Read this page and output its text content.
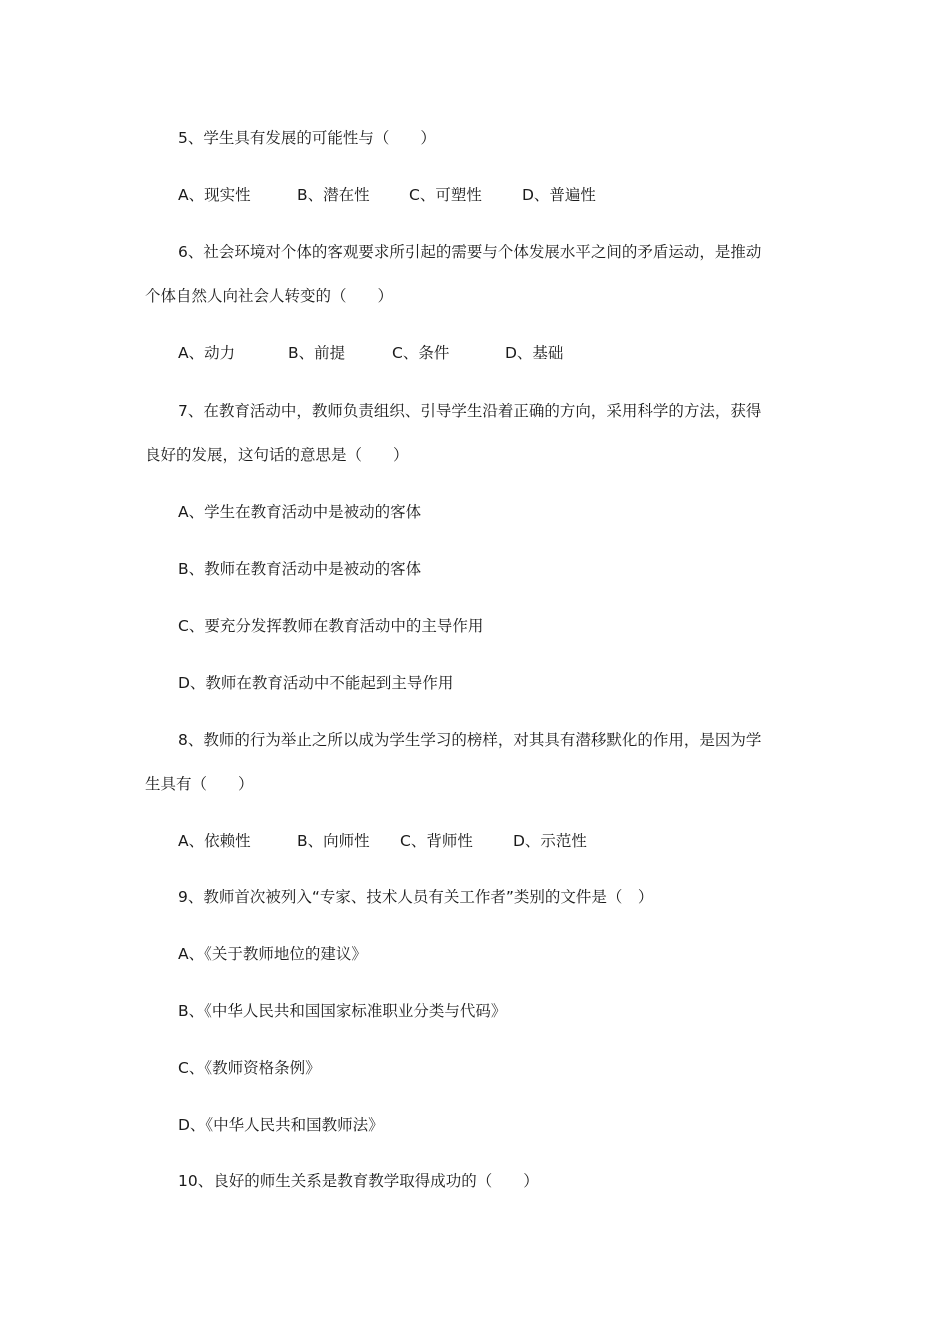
5、学生具有发展的可能性与（　　）
A、现实性	B、潜在性	C、可塑性	D、普遍性
6、社会环境对个体的客观要求所引起的需要与个体发展水平之间的矛盾运动，是推动
个体自然人向社会人转变的（　　）
A、动力	B、前提	C、条件	D、基础
7、在教育活动中，教师负责组织、引导学生沿着正确的方向，采用科学的方法，获得
良好的发展，这句话的意思是（　　）
A、学生在教育活动中是被动的客体
B、教师在教育活动中是被动的客体
C、要充分发挥教师在教育活动中的主导作用
D、教师在教育活动中不能起到主导作用
8、教师的行为举止之所以成为学生学习的榜样，对其具有潜移默化的作用，是因为学
生具有（　　）
A、依赖性	B、向师性 C、背师性	D、示范性
9、教师首次被列入“专家、技术人员有关工作者”类别的文件是（　）
A、《关于教师地位的建议》
B、《中华人民共和国国家标准职业分类与代码》
C、《教师资格条例》
D、《中华人民共和国教师法》
10、良好的师生关系是教育教学取得成功的（　　）
